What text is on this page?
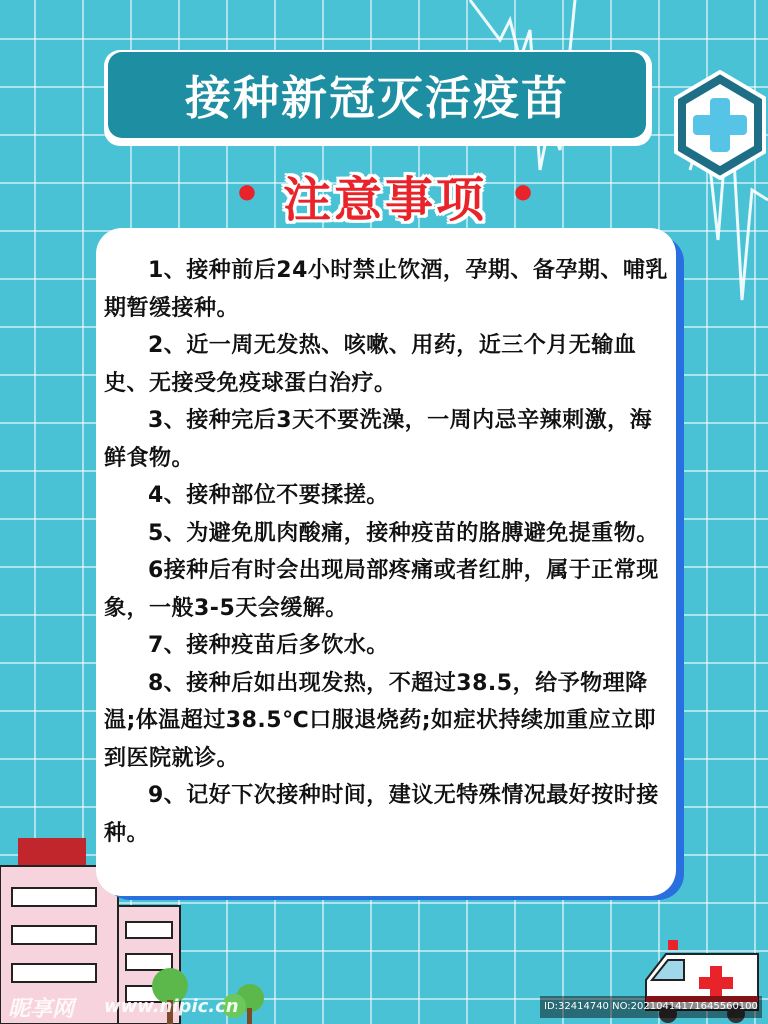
接种新冠灭活疫苗
• 注意事项 •

1、接种前后24小时禁止饮酒，孕期、备孕期、哺乳期暂缓接种。

2、近一周无发热、咳嗽、用药，近三个月无输血史、无接受免疫球蛋白治疗。

3、接种完后3天不要洗澡，一周内忌辛辣刺激，海鲜食物。

4、接种部位不要揉搓。

5、为避免肌肉酸痛，接种疫苗的胳膊避免提重物。

6接种后有时会出现局部疼痛或者红肿，属于正常现象，一般3-5天会缓解。

7、接种疫苗后多饮水。

8、接种后如出现发热，不超过38.5，给予物理降温;体温超过38.5℃口服退烧药;如症状持续加重应立即到医院就诊。

9、记好下次接种时间，建议无特殊情况最好按时接种。

昵享网 www.nipic.cn	ID:32414740 NO:20210414171645560100
